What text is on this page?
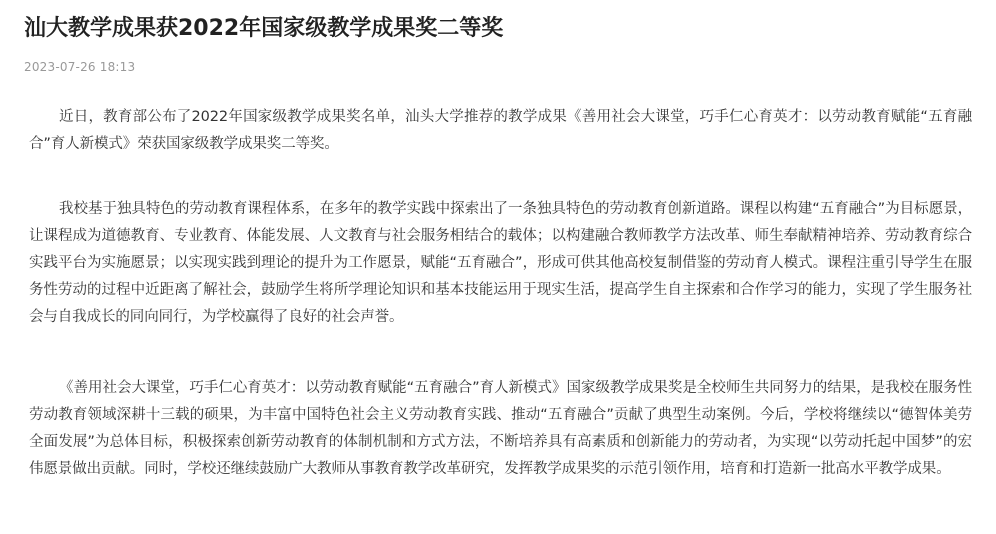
汕大教学成果获2022年国家级教学成果奖二等奖
2023-07-26 18:13

近日，教育部公布了2022年国家级教学成果奖名单，汕头大学推荐的教学成果《善用社会大课堂，巧手仁心育英才：以劳动教育赋能“五育融合”育人新模式》荣获国家级教学成果奖二等奖。

我校基于独具特色的劳动教育课程体系，在多年的教学实践中探索出了一条独具特色的劳动教育创新道路。课程以构建“五育融合”为目标愿景，让课程成为道德教育、专业教育、体能发展、人文教育与社会服务相结合的载体；以构建融合教师教学方法改革、师生奉献精神培养、劳动教育综合实践平台为实施愿景；以实现实践到理论的提升为工作愿景，赋能“五育融合”，形成可供其他高校复制借鉴的劳动育人模式。课程注重引导学生在服务性劳动的过程中近距离了解社会，鼓励学生将所学理论知识和基本技能运用于现实生活，提高学生自主探索和合作学习的能力，实现了学生服务社会与自我成长的同向同行，为学校赢得了良好的社会声誉。

《善用社会大课堂，巧手仁心育英才：以劳动教育赋能“五育融合”育人新模式》国家级教学成果奖是全校师生共同努力的结果，是我校在服务性劳动教育领域深耕十三载的硕果，为丰富中国特色社会主义劳动教育实践、推动“五育融合”贡献了典型生动案例。今后，学校将继续以“德智体美劳全面发展”为总体目标，积极探索创新劳动教育的体制机制和方式方法，不断培养具有高素质和创新能力的劳动者，为实现“以劳动托起中国梦”的宏伟愿景做出贡献。同时，学校还继续鼓励广大教师从事教育教学改革研究，发挥教学成果奖的示范引领作用，培育和打造新一批高水平教学成果。
